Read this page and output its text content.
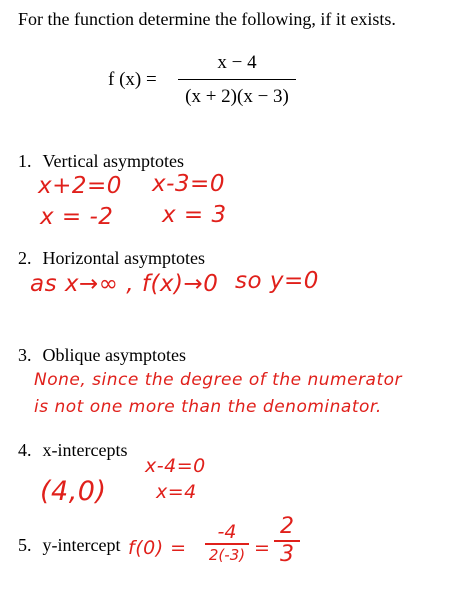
For the function determine the following, if it exists.
f (x) =
x − 4
(x + 2)(x − 3)
1. Vertical asymptotes
x+2=0 x-3=0
x = -2 x = 3
2. Horizontal asymptotes
as x→∞ , f(x)→0 so y=0
3. Oblique asymptotes
None, since the degree of the numerator
is not one more than the denominator.
4. x-intercepts
(4,0)
x-4=0
x=4
5. y-intercept f(0) =
-4
2(-3) =
2
3
